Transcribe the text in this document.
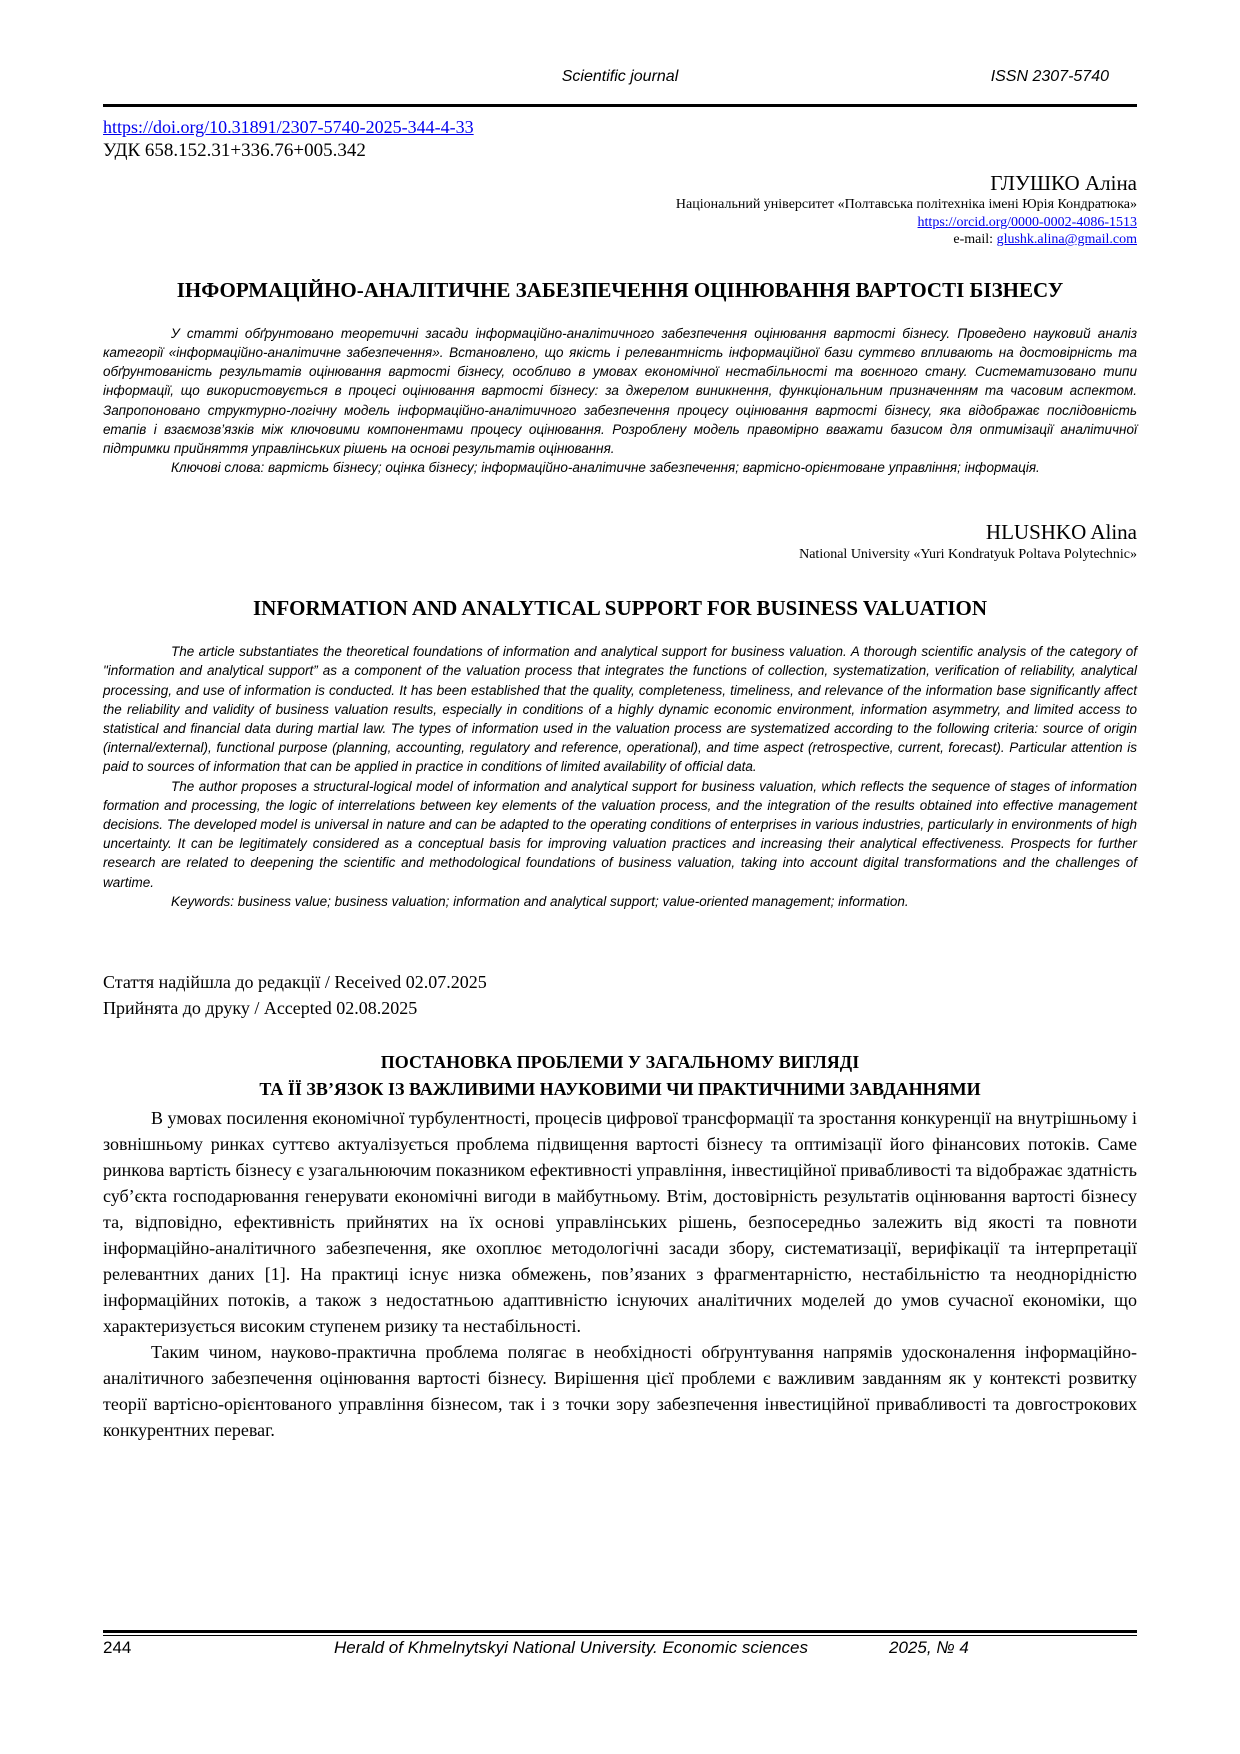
Scientific journal	ISSN 2307-5740
https://doi.org/10.31891/2307-5740-2025-344-4-33
УДК 658.152.31+336.76+005.342
ГЛУШКО Аліна
Національний університет «Полтавська політехніка імені Юрія Кондратюка»
https://orcid.org/0000-0002-4086-1513
e-mail: glushk.alina@gmail.com
ІНФОРМАЦІЙНО-АНАЛІТИЧНЕ ЗАБЕЗПЕЧЕННЯ ОЦІНЮВАННЯ ВАРТОСТІ БІЗНЕСУ

У статті обґрунтовано теоретичні засади інформаційно-аналітичного забезпечення оцінювання вартості бізнесу. Проведено науковий аналіз категорії «інформаційно-аналітичне забезпечення». Встановлено, що якість і релевантність інформаційної бази суттєво впливають на достовірність та обґрунтованість результатів оцінювання вартості бізнесу, особливо в умовах економічної нестабільності та воєнного стану. Систематизовано типи інформації, що використовується в процесі оцінювання вартості бізнесу: за джерелом виникнення, функціональним призначенням та часовим аспектом. Запропоновано структурно-логічну модель інформаційно-аналітичного забезпечення процесу оцінювання вартості бізнесу, яка відображає послідовність етапів і взаємозв’язків між ключовими компонентами процесу оцінювання. Розроблену модель правомірно вважати базисом для оптимізації аналітичної підтримки прийняття управлінських рішень на основі результатів оцінювання.

Ключові слова: вартість бізнесу; оцінка бізнесу; інформаційно-аналітичне забезпечення; вартісно-орієнтоване управління; інформація.

HLUSHKO Alina
National University «Yuri Kondratyuk Poltava Polytechnic»
INFORMATION AND ANALYTICAL SUPPORT FOR BUSINESS VALUATION

The article substantiates the theoretical foundations of information and analytical support for business valuation. A thorough scientific analysis of the category of "information and analytical support” as a component of the valuation process that integrates the functions of collection, systematization, verification of reliability, analytical processing, and use of information is conducted. It has been established that the quality, completeness, timeliness, and relevance of the information base significantly affect the reliability and validity of business valuation results, especially in conditions of a highly dynamic economic environment, information asymmetry, and limited access to statistical and financial data during martial law. The types of information used in the valuation process are systematized according to the following criteria: source of origin (internal/external), functional purpose (planning, accounting, regulatory and reference, operational), and time aspect (retrospective, current, forecast). Particular attention is paid to sources of information that can be applied in practice in conditions of limited availability of official data.

The author proposes a structural-logical model of information and analytical support for business valuation, which reflects the sequence of stages of information formation and processing, the logic of interrelations between key elements of the valuation process, and the integration of the results obtained into effective management decisions. The developed model is universal in nature and can be adapted to the operating conditions of enterprises in various industries, particularly in environments of high uncertainty. It can be legitimately considered as a conceptual basis for improving valuation practices and increasing their analytical effectiveness. Prospects for further research are related to deepening the scientific and methodological foundations of business valuation, taking into account digital transformations and the challenges of wartime.

Keywords: business value; business valuation; information and analytical support; value-oriented management; information.

Стаття надійшла до редакції / Received 02.07.2025
Прийнята до друку / Accepted 02.08.2025
ПОСТАНОВКА ПРОБЛЕМИ У ЗАГАЛЬНОМУ ВИГЛЯДІ
ТА ЇЇ ЗВ’ЯЗОК ІЗ ВАЖЛИВИМИ НАУКОВИМИ ЧИ ПРАКТИЧНИМИ ЗАВДАННЯМИ

В умовах посилення економічної турбулентності, процесів цифрової трансформації та зростання конкуренції на внутрішньому і зовнішньому ринках суттєво актуалізується проблема підвищення вартості бізнесу та оптимізації його фінансових потоків. Саме ринкова вартість бізнесу є узагальнюючим показником ефективності управління, інвестиційної привабливості та відображає здатність суб’єкта господарювання генерувати економічні вигоди в майбутньому. Втім, достовірність результатів оцінювання вартості бізнесу та, відповідно, ефективність прийнятих на їх основі управлінських рішень, безпосередньо залежить від якості та повноти інформаційно-аналітичного забезпечення, яке охоплює методологічні засади збору, систематизації, верифікації та інтерпретації релевантних даних [1]. На практиці існує низка обмежень, пов’язаних з фрагментарністю, нестабільністю та неоднорідністю інформаційних потоків, а також з недостатньою адаптивністю існуючих аналітичних моделей до умов сучасної економіки, що характеризується високим ступенем ризику та нестабільності.

Таким чином, науково-практична проблема полягає в необхідності обґрунтування напрямів удосконалення інформаційно-аналітичного забезпечення оцінювання вартості бізнесу. Вирішення цієї проблеми є важливим завданням як у контексті розвитку теорії вартісно-орієнтованого управління бізнесом, так і з точки зору забезпечення інвестиційної привабливості та довгострокових конкурентних переваг.

244	Herald of Khmelnytskyi National University. Economic sciences	2025, № 4
